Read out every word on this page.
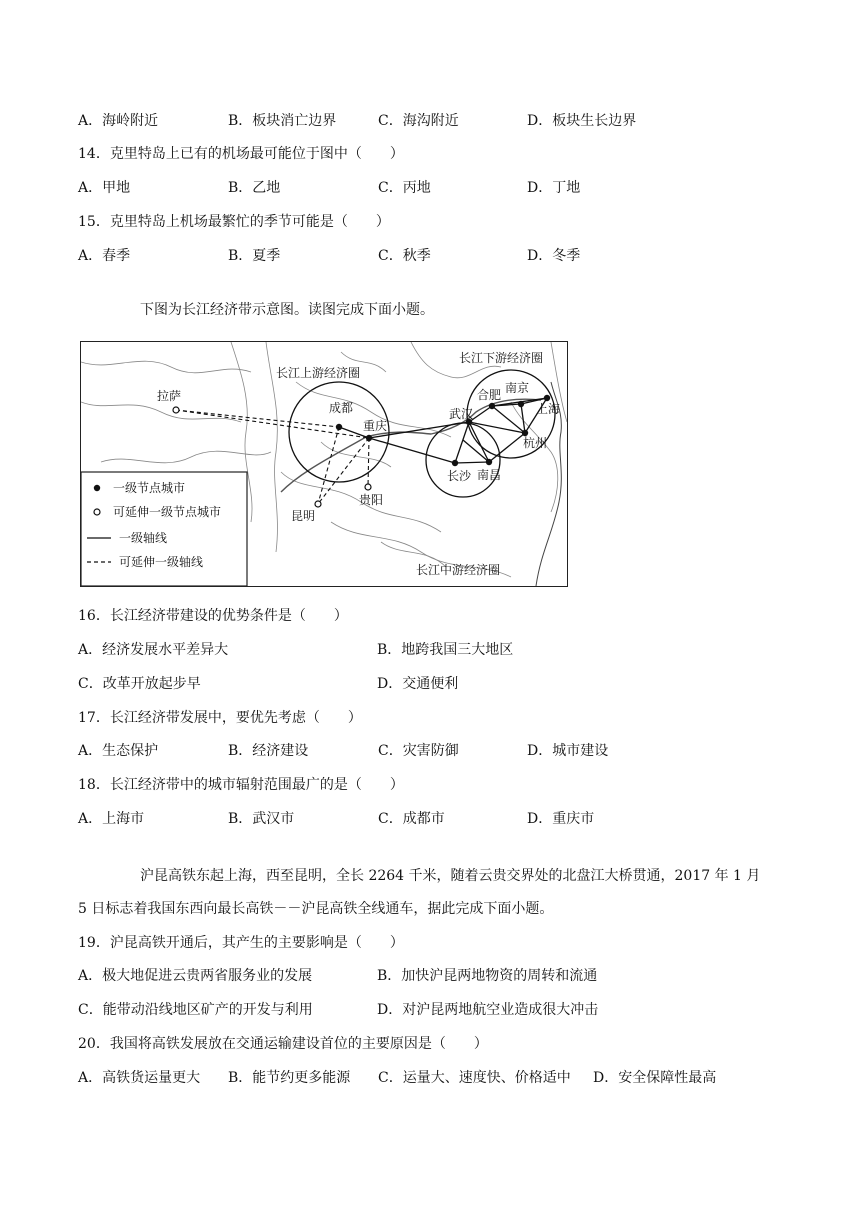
A．海岭附近	B．板块消亡边界	C．海沟附近	D．板块生长边界
14．克里特岛上已有的机场最可能位于图中（　　）
A．甲地	B．乙地	C．丙地	D．丁地
15．克里特岛上机场最繁忙的季节可能是（　　）
A．春季	B．夏季	C．秋季	D．冬季
下图为长江经济带示意图。读图完成下面小题。
长江上游经济圈
长江中游经济圈
长江下游经济圈
拉萨
成都
重庆
贵阳
昆明
武汉
长沙 南昌
合肥 南京
上海
杭州
一级节点城市
可延伸一级节点城市
一级轴线
可延伸一级轴线
16．长江经济带建设的优势条件是（　　）
A．经济发展水平差异大	B．地跨我国三大地区
C．改革开放起步早	D．交通便利
17．长江经济带发展中，要优先考虑（　　）
A．生态保护	B．经济建设	C．灾害防御	D．城市建设
18．长江经济带中的城市辐射范围最广的是（　　）
A．上海市	B．武汉市	C．成都市	D．重庆市
沪昆高铁东起上海，西至昆明，全长 2264 千米，随着云贵交界处的北盘江大桥贯通，2017 年 1 月
5 日标志着我国东西向最长高铁－－沪昆高铁全线通车，据此完成下面小题。
19．沪昆高铁开通后，其产生的主要影响是（　　）
A．极大地促进云贵两省服务业的发展	B．加快沪昆两地物资的周转和流通
C．能带动沿线地区矿产的开发与利用	D．对沪昆两地航空业造成很大冲击
20．我国将高铁发展放在交通运输建设首位的主要原因是（　　）
A．高铁货运量更大 B．能节约更多能源 C．运量大、速度快、价格适中 D．安全保障性最高
